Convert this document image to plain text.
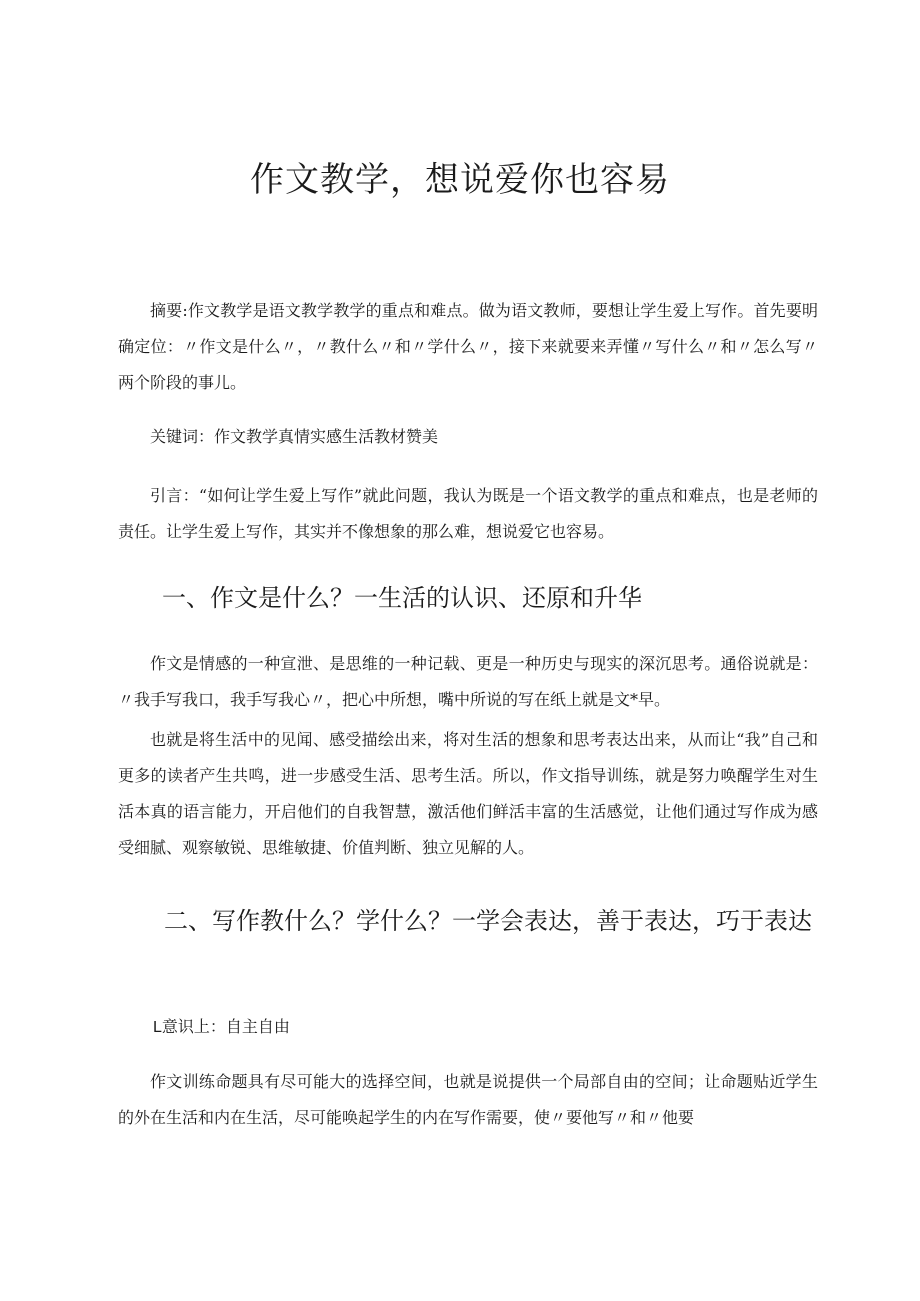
作文教学，想说爱你也容易

摘要:作文教学是语文教学教学的重点和难点。做为语文教师，要想让学生爱上写作。首先要明确定位：〃作文是什么〃，〃教什么〃和〃学什么〃，接下来就要来弄懂〃写什么〃和〃怎么写〃两个阶段的事儿。

关键词：作文教学真情实感生活教材赞美

引言：“如何让学生爱上写作”就此问题，我认为既是一个语文教学的重点和难点，也是老师的责任。让学生爱上写作，其实并不像想象的那么难，想说爱它也容易。

一、作文是什么？一生活的认识、还原和升华

作文是情感的一种宣泄、是思维的一种记载、更是一种历史与现实的深沉思考。通俗说就是：〃我手写我口，我手写我心〃，把心中所想，嘴中所说的写在纸上就是文*早。

也就是将生活中的见闻、感受描绘出来，将对生活的想象和思考表达出来，从而让“我”自己和更多的读者产生共鸣，进一步感受生活、思考生活。所以，作文指导训练，就是努力唤醒学生对生活本真的语言能力，开启他们的自我智慧，激活他们鲜活丰富的生活感觉，让他们通过写作成为感受细腻、观察敏锐、思维敏捷、价值判断、独立见解的人。

二、写作教什么？学什么？一学会表达，善于表达，巧于表达

L意识上：自主自由

作文训练命题具有尽可能大的选择空间，也就是说提供一个局部自由的空间；让命题贴近学生的外在生活和内在生活，尽可能唤起学生的内在写作需要，使〃要他写〃和〃他要
